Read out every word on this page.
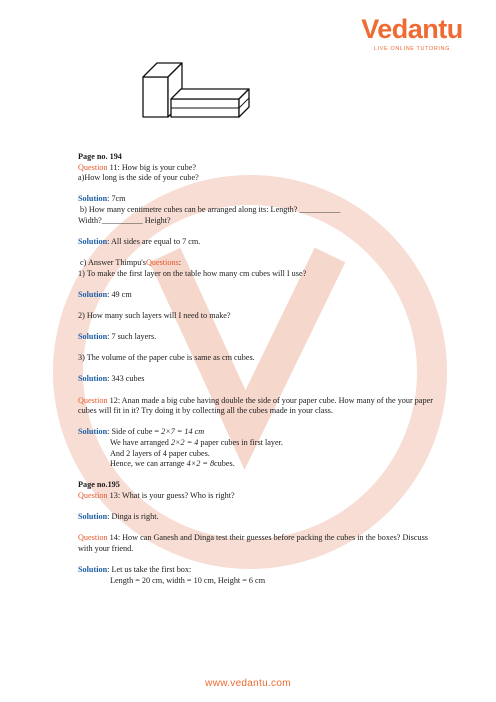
Vedantu
LIVE ONLINE TUTORING

Page no. 194

Question 11: How big is your cube?

a)How long is the side of your cube?

Solution: 7cm

b) How many centimetre cubes can be arranged along its: Length? __________

Width?__________ Height?

Solution: All sides are equal to 7 cm.

c) Answer Thimpu'sQuestions:

1) To make the first layer on the table how many cm cubes will I use?

Solution: 49 cm

2) How many such layers will I need to make?

Solution: 7 such layers.

3) The volume of the paper cube is same as cm cubes.

Solution: 343 cubes

Question 12: Anan made a big cube having double the side of your paper cube. How many of the your paper cubes will fit in it? Try doing it by collecting all the cubes made in your class.

Solution: Side of cube = 2×7 = 14 cm

We have arranged 2×2 = 4 paper cubes in first layer.

And 2 layers of 4 paper cubes.

Hence, we can arrange 4×2 = 8cubes.

Page no.195

Question 13: What is your guess? Who is right?

Solution: Dinga is right.

Question 14: How can Ganesh and Dinga test their guesses before packing the cubes in the boxes? Discuss with your friend.

Solution: Let us take the first box:

Length = 20 cm, width = 10 cm, Height = 6 cm

www.vedantu.com
